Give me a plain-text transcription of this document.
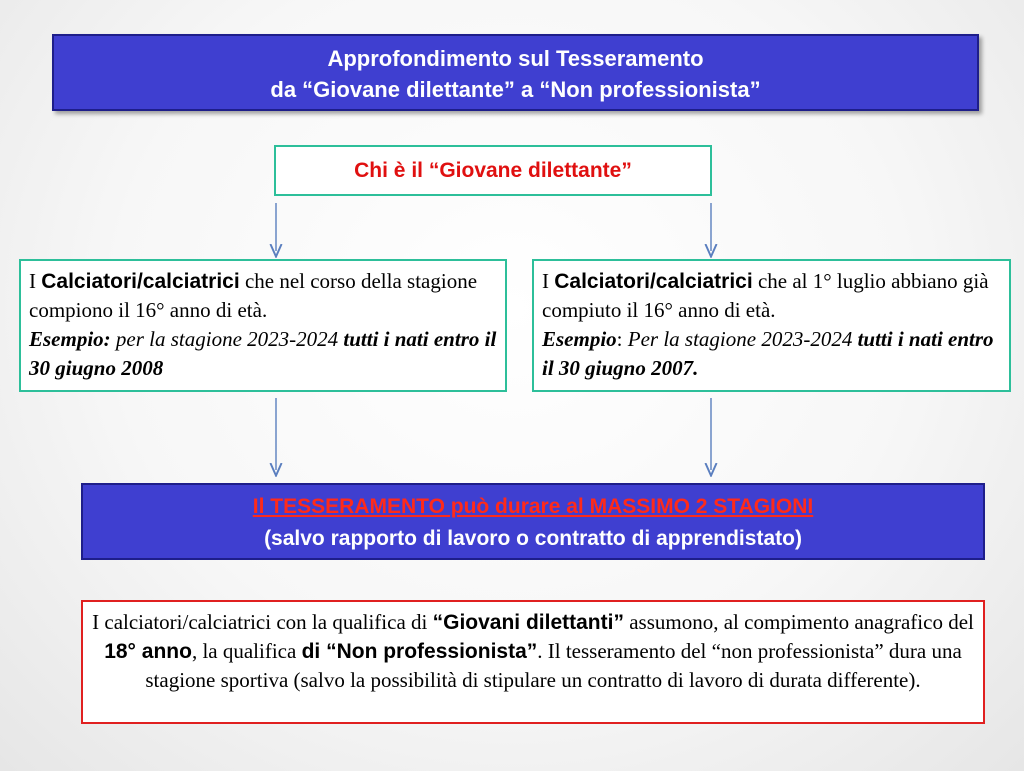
Approfondimento sul Tesseramento
da “Giovane dilettante” a “Non professionista”
Chi è il “Giovane dilettante”
I Calciatori/calciatrici che nel corso della stagione compiono il 16° anno di età.
Esempio: per la stagione 2023-2024 tutti i nati entro il 30 giugno 2008
I Calciatori/calciatrici che al 1° luglio abbiano già compiuto il 16° anno di età.
Esempio: Per la stagione 2023-2024 tutti i nati entro il 30 giugno 2007.
Il TESSERAMENTO può durare al MASSIMO 2 STAGIONI
(salvo rapporto di lavoro o contratto di apprendistato)
I calciatori/calciatrici con la qualifica di “Giovani dilettanti” assumono, al compimento anagrafico del 18° anno, la qualifica di “Non professionista”. Il tesseramento del “non professionista” dura una stagione sportiva (salvo la possibilità di stipulare un contratto di lavoro di durata differente).
